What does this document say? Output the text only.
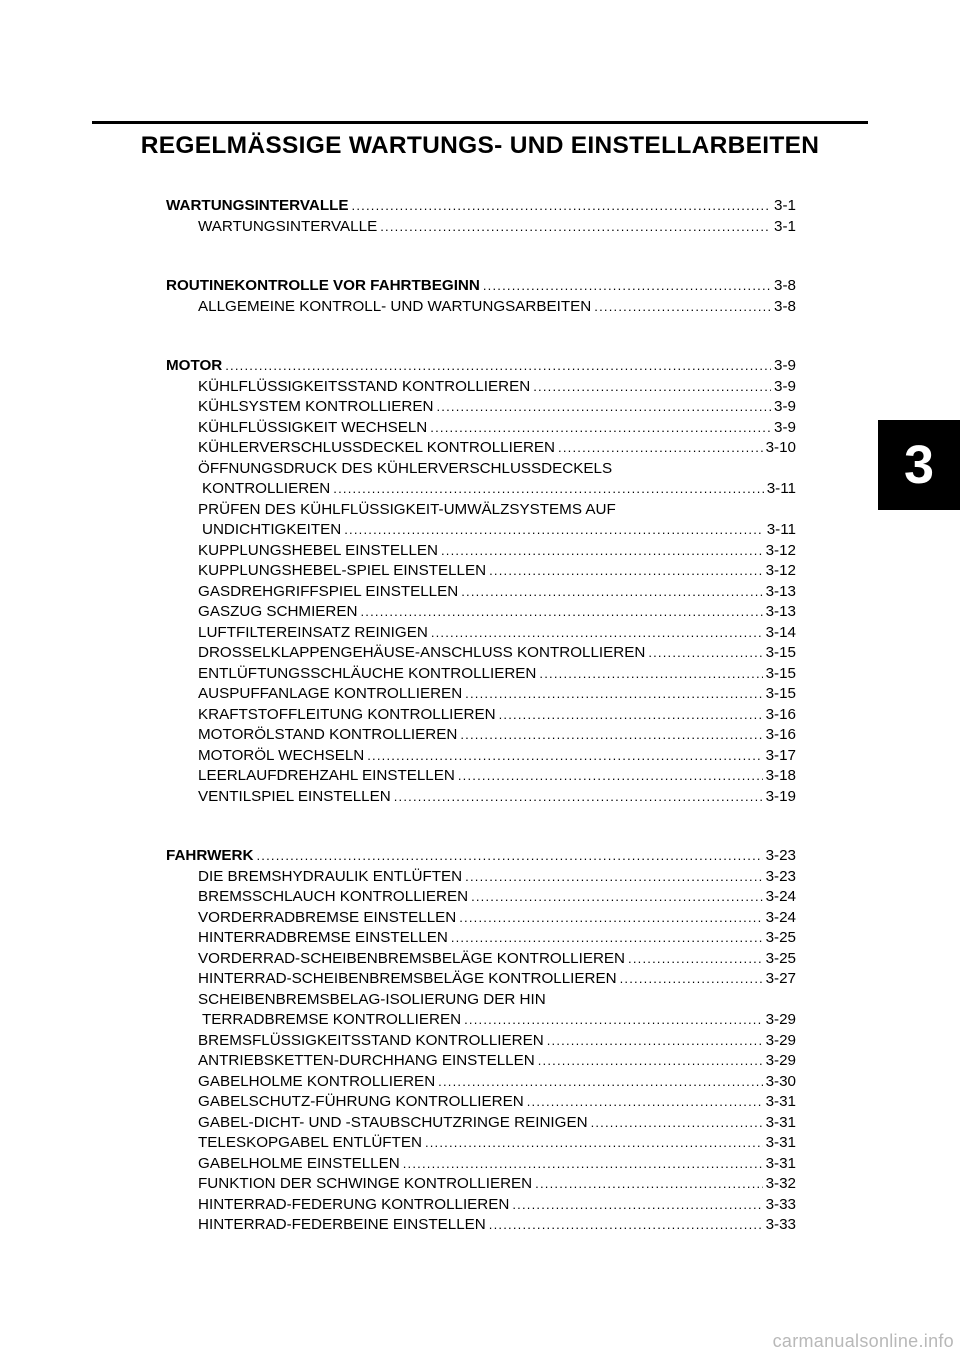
REGELMÄSSIGE WARTUNGS- UND EINSTELLARBEITEN
3
WARTUNGSINTERVALLE .....	3-1
WARTUNGSINTERVALLE .....	3-1
ROUTINEKONTROLLE VOR FAHRTBEGINN .....	3-8
ALLGEMEINE KONTROLL- UND WARTUNGSARBEITEN .....	3-8
MOTOR .....	3-9
KÜHLFLÜSSIGKEITSSTAND KONTROLLIEREN .....	3-9
KÜHLSYSTEM KONTROLLIEREN .....	3-9
KÜHLFLÜSSIGKEIT WECHSELN .....	3-9
KÜHLERVERSCHLUSSDECKEL KONTROLLIEREN .....	3-10
ÖFFNUNGSDRUCK DES KÜHLERVERSCHLUSSDECKELS
KONTROLLIEREN .....	3-11
PRÜFEN DES KÜHLFLÜSSIGKEIT-UMWÄLZSYSTEMS AUF
UNDICHTIGKEITEN .....	3-11
KUPPLUNGSHEBEL EINSTELLEN .....	3-12
KUPPLUNGSHEBEL-SPIEL EINSTELLEN .....	3-12
GASDREHGRIFFSPIEL EINSTELLEN .....	3-13
GASZUG SCHMIEREN .....	3-13
LUFTFILTEREINSATZ REINIGEN .....	3-14
DROSSELKLAPPENGEHÄUSE-ANSCHLUSS KONTROLLIEREN .....	3-15
ENTLÜFTUNGSSCHLÄUCHE KONTROLLIEREN .....	3-15
AUSPUFFANLAGE KONTROLLIEREN .....	3-15
KRAFTSTOFFLEITUNG KONTROLLIEREN .....	3-16
MOTORÖLSTAND KONTROLLIEREN .....	3-16
MOTORÖL WECHSELN .....	3-17
LEERLAUFDREHZAHL EINSTELLEN .....	3-18
VENTILSPIEL EINSTELLEN .....	3-19
FAHRWERK .....	3-23
DIE BREMSHYDRAULIK ENTLÜFTEN .....	3-23
BREMSSCHLAUCH KONTROLLIEREN .....	3-24
VORDERRADBREMSE EINSTELLEN .....	3-24
HINTERRADBREMSE EINSTELLEN .....	3-25
VORDERRAD-SCHEIBENBREMSBELÄGE KONTROLLIEREN .....	3-25
HINTERRAD-SCHEIBENBREMSBELÄGE KONTROLLIEREN .....	3-27
SCHEIBENBREMSBELAG-ISOLIERUNG DER HIN
TERRADBREMSE KONTROLLIEREN .....	3-29
BREMSFLÜSSIGKEITSSTAND KONTROLLIEREN .....	3-29
ANTRIEBSKETTEN-DURCHHANG EINSTELLEN .....	3-29
GABELHOLME KONTROLLIEREN .....	3-30
GABELSCHUTZ-FÜHRUNG KONTROLLIEREN .....	3-31
GABEL-DICHT- UND -STAUBSCHUTZRINGE REINIGEN .....	3-31
TELESKOPGABEL ENTLÜFTEN .....	3-31
GABELHOLME EINSTELLEN .....	3-31
FUNKTION DER SCHWINGE KONTROLLIEREN .....	3-32
HINTERRAD-FEDERUNG KONTROLLIEREN .....	3-33
HINTERRAD-FEDERBEINE EINSTELLEN .....	3-33
carmanualsonline.info
